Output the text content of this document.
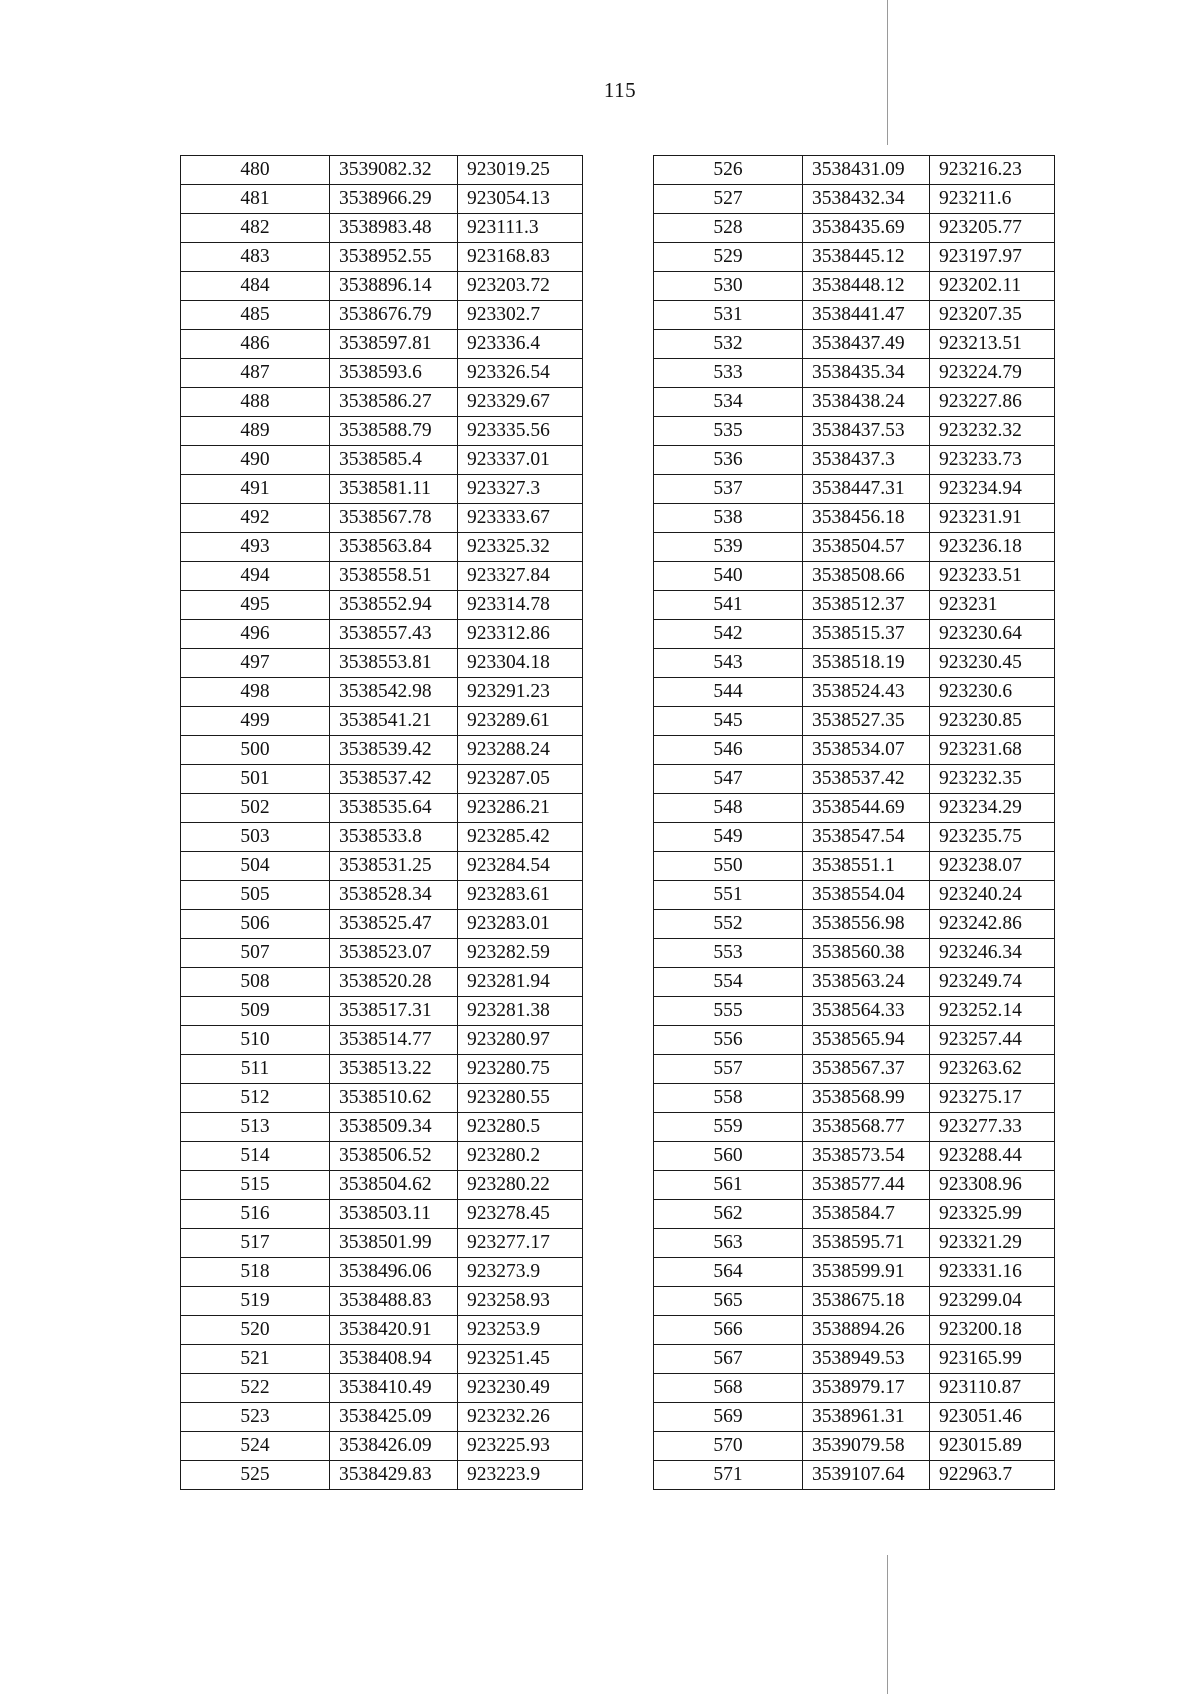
115
480	3539082.32	923019.25
481	3538966.29	923054.13
482	3538983.48	923111.3
483	3538952.55	923168.83
484	3538896.14	923203.72
485	3538676.79	923302.7
486	3538597.81	923336.4
487	3538593.6	923326.54
488	3538586.27	923329.67
489	3538588.79	923335.56
490	3538585.4	923337.01
491	3538581.11	923327.3
492	3538567.78	923333.67
493	3538563.84	923325.32
494	3538558.51	923327.84
495	3538552.94	923314.78
496	3538557.43	923312.86
497	3538553.81	923304.18
498	3538542.98	923291.23
499	3538541.21	923289.61
500	3538539.42	923288.24
501	3538537.42	923287.05
502	3538535.64	923286.21
503	3538533.8	923285.42
504	3538531.25	923284.54
505	3538528.34	923283.61
506	3538525.47	923283.01
507	3538523.07	923282.59
508	3538520.28	923281.94
509	3538517.31	923281.38
510	3538514.77	923280.97
511	3538513.22	923280.75
512	3538510.62	923280.55
513	3538509.34	923280.5
514	3538506.52	923280.2
515	3538504.62	923280.22
516	3538503.11	923278.45
517	3538501.99	923277.17
518	3538496.06	923273.9
519	3538488.83	923258.93
520	3538420.91	923253.9
521	3538408.94	923251.45
522	3538410.49	923230.49
523	3538425.09	923232.26
524	3538426.09	923225.93
525	3538429.83	923223.9
526	3538431.09	923216.23
527	3538432.34	923211.6
528	3538435.69	923205.77
529	3538445.12	923197.97
530	3538448.12	923202.11
531	3538441.47	923207.35
532	3538437.49	923213.51
533	3538435.34	923224.79
534	3538438.24	923227.86
535	3538437.53	923232.32
536	3538437.3	923233.73
537	3538447.31	923234.94
538	3538456.18	923231.91
539	3538504.57	923236.18
540	3538508.66	923233.51
541	3538512.37	923231
542	3538515.37	923230.64
543	3538518.19	923230.45
544	3538524.43	923230.6
545	3538527.35	923230.85
546	3538534.07	923231.68
547	3538537.42	923232.35
548	3538544.69	923234.29
549	3538547.54	923235.75
550	3538551.1	923238.07
551	3538554.04	923240.24
552	3538556.98	923242.86
553	3538560.38	923246.34
554	3538563.24	923249.74
555	3538564.33	923252.14
556	3538565.94	923257.44
557	3538567.37	923263.62
558	3538568.99	923275.17
559	3538568.77	923277.33
560	3538573.54	923288.44
561	3538577.44	923308.96
562	3538584.7	923325.99
563	3538595.71	923321.29
564	3538599.91	923331.16
565	3538675.18	923299.04
566	3538894.26	923200.18
567	3538949.53	923165.99
568	3538979.17	923110.87
569	3538961.31	923051.46
570	3539079.58	923015.89
571	3539107.64	922963.7
